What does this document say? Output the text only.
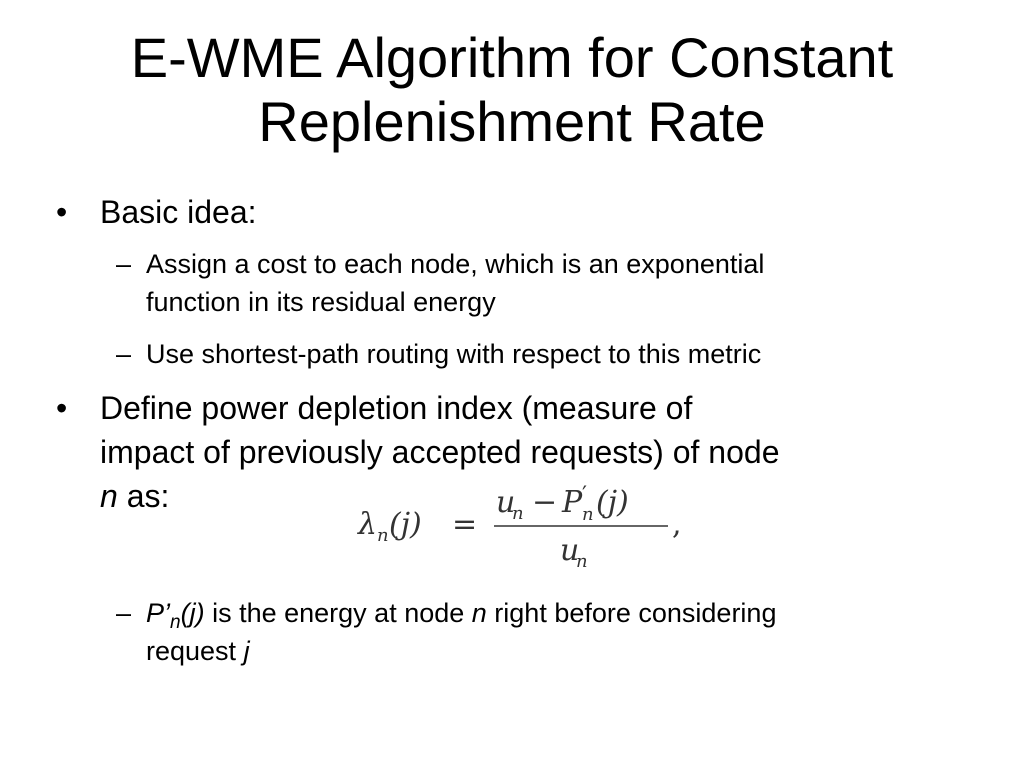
E-WME Algorithm for Constant
Replenishment Rate
• Basic idea:
– Assign a cost to each node, which is an exponential
function in its residual energy
– Use shortest-path routing with respect to this metric
• Define power depletion index (measure of
impact of previously accepted requests) of node
n as:
λ n (j) =
u
n − P ′
n (j)
u
n
,
– $P’_n(j)$ is the energy at node n right before considering
request j
